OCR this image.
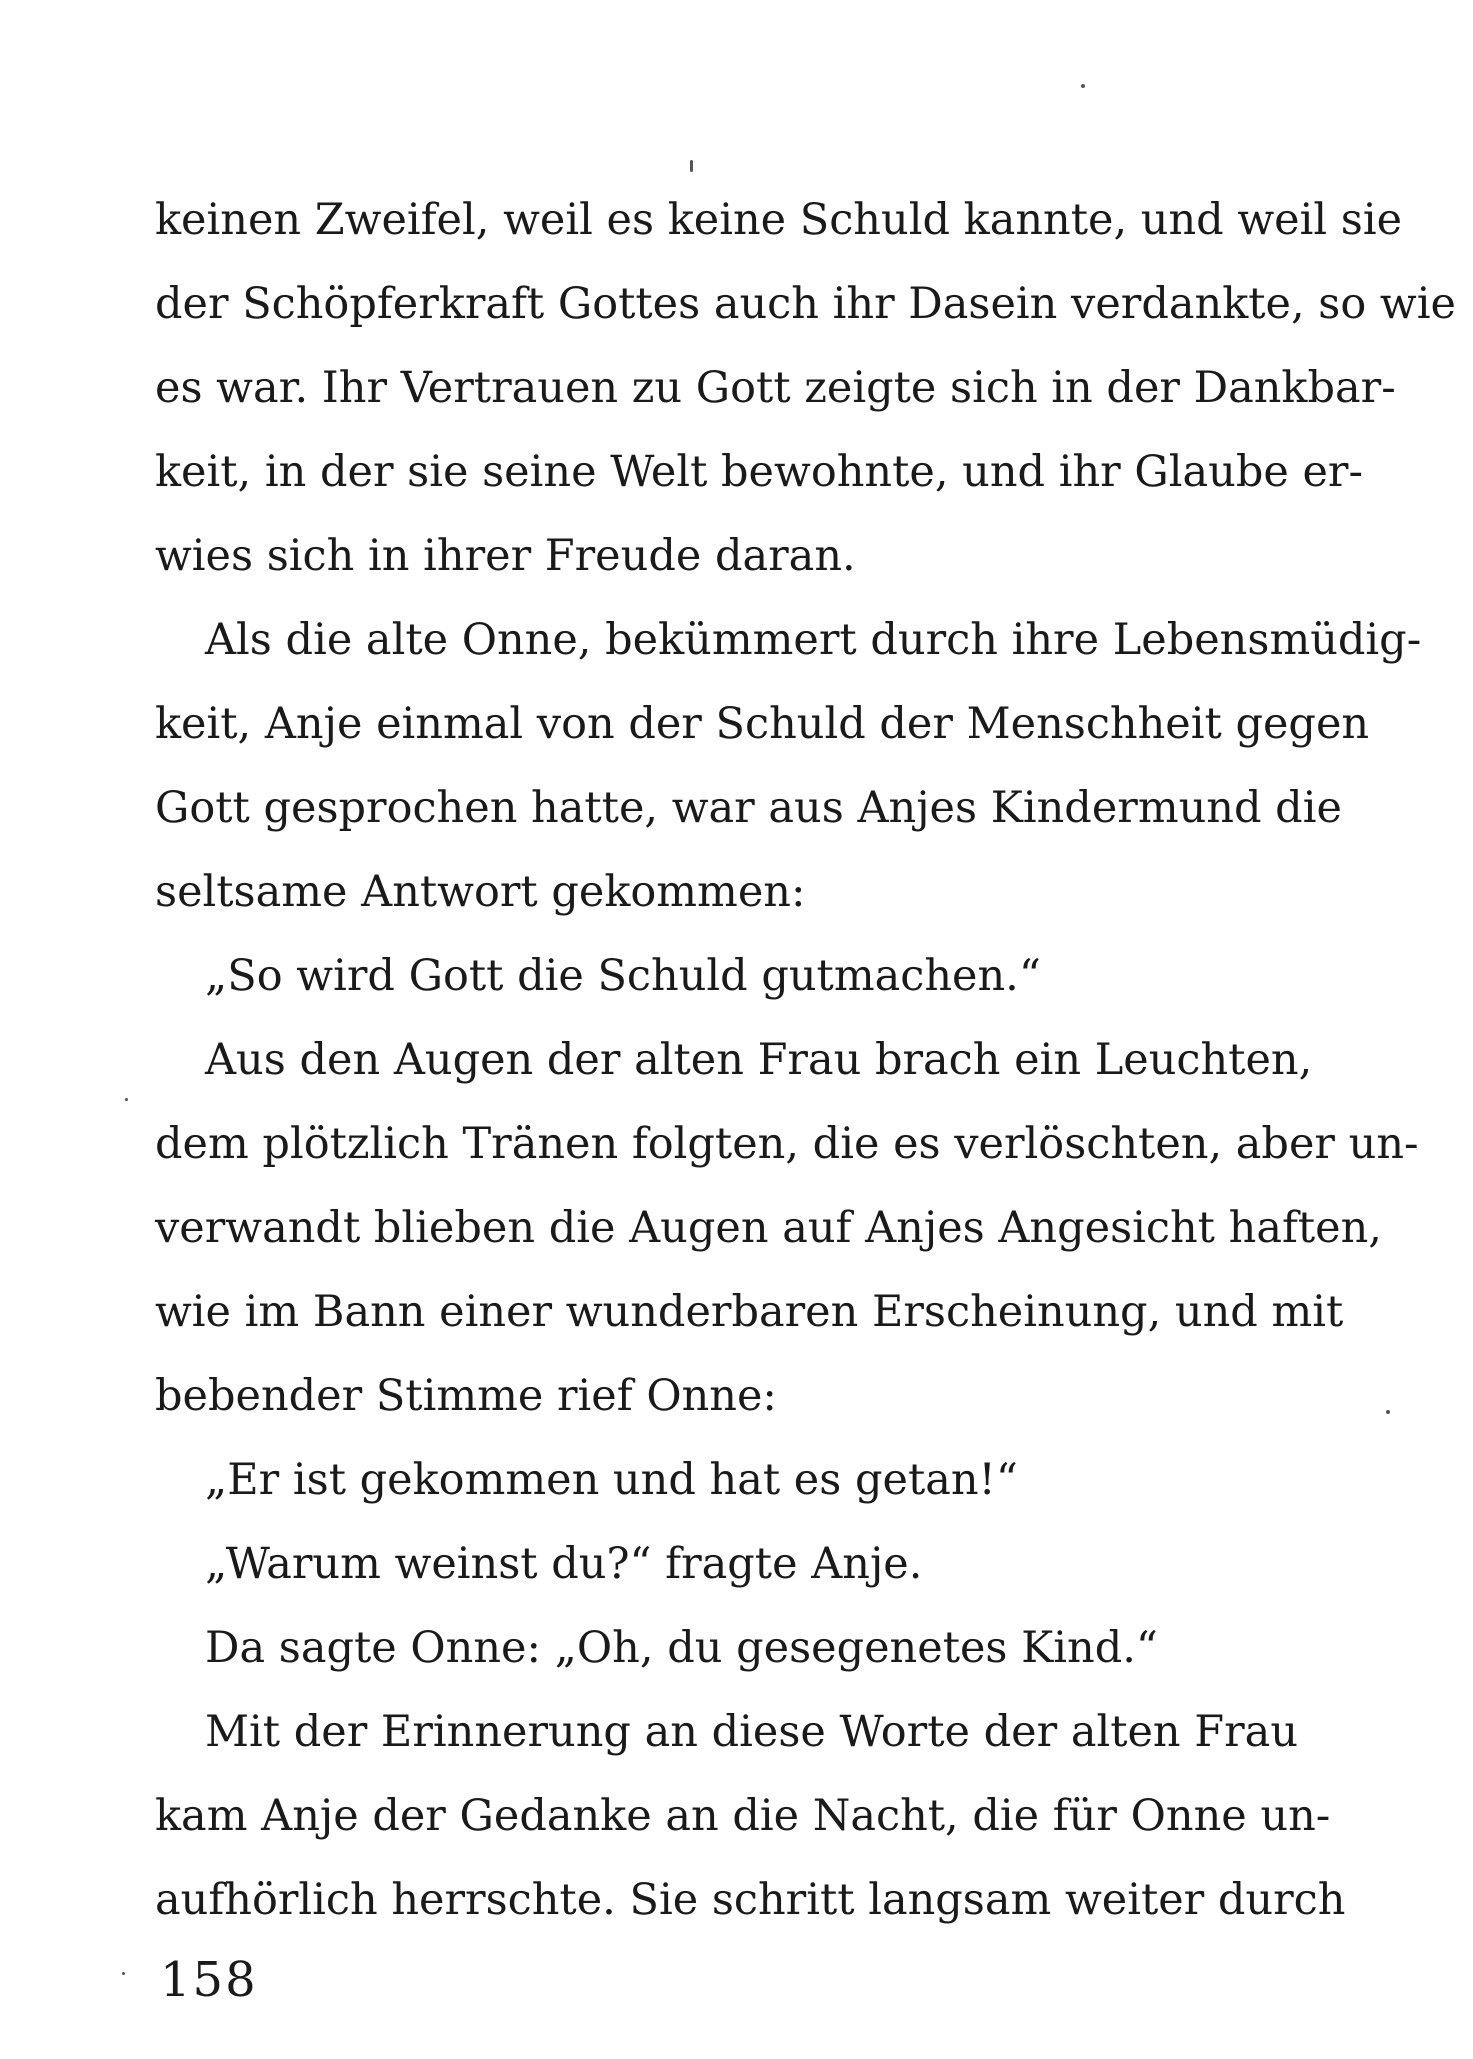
keinen Zweifel, weil es keine Schuld kannte, und weil sie
der Schöpferkraft Gottes auch ihr Dasein verdankte, so wie
es war. Ihr Vertrauen zu Gott zeigte sich in der Dankbar-
keit, in der sie seine Welt bewohnte, und ihr Glaube er-
wies sich in ihrer Freude daran.
Als die alte Onne, bekümmert durch ihre Lebensmüdig-
keit, Anje einmal von der Schuld der Menschheit gegen
Gott gesprochen hatte, war aus Anjes Kindermund die
seltsame Antwort gekommen:
„So wird Gott die Schuld gutmachen.“
Aus den Augen der alten Frau brach ein Leuchten,
dem plötzlich Tränen folgten, die es verlöschten, aber un-
verwandt blieben die Augen auf Anjes Angesicht haften,
wie im Bann einer wunderbaren Erscheinung, und mit
bebender Stimme rief Onne:
„Er ist gekommen und hat es getan!“
„Warum weinst du?“ fragte Anje.
Da sagte Onne: „Oh, du gesegenetes Kind.“
Mit der Erinnerung an diese Worte der alten Frau
kam Anje der Gedanke an die Nacht, die für Onne un-
aufhörlich herrschte. Sie schritt langsam weiter durch
158
